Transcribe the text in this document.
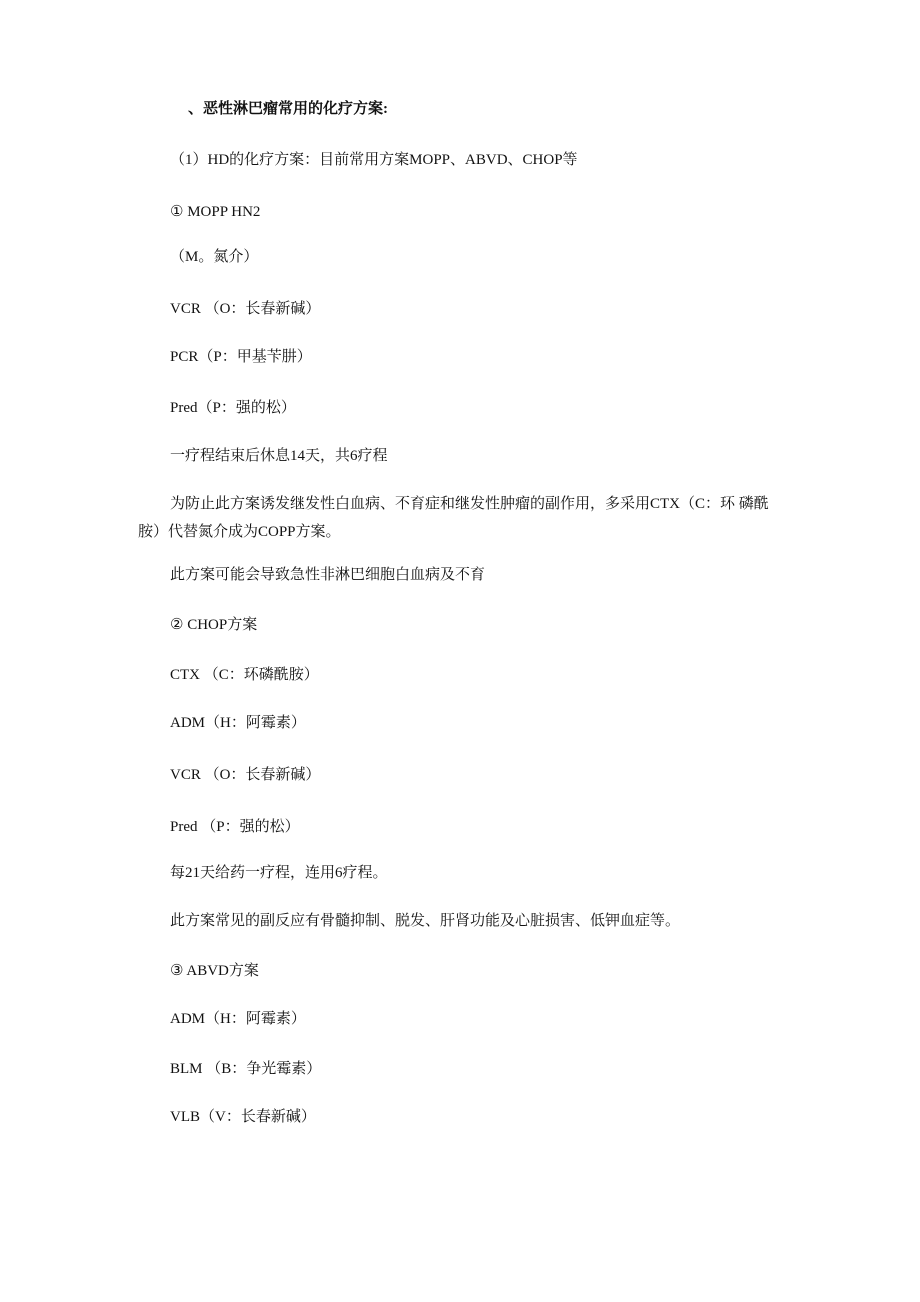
、恶性淋巴瘤常用的化疗方案:
（1）HD的化疗方案：目前常用方案MOPP、ABVD、CHOP等
① MOPP HN2
（M。氮介）
VCR （O：长春新碱）
PCR（P：甲基苄肼）
Pred（P：强的松）
一疗程结束后休息14天，共6疗程
为防止此方案诱发继发性白血病、不育症和继发性肿瘤的副作用，多采用CTX（C：环 磷酰胺）代替氮介成为COPP方案。
此方案可能会导致急性非淋巴细胞白血病及不育
② CHOP方案
CTX （C：环磷酰胺）
ADM（H：阿霉素）
VCR （O：长春新碱）
Pred （P：强的松）
每21天给药一疗程，连用6疗程。
此方案常见的副反应有骨髓抑制、脱发、肝肾功能及心脏损害、低钾血症等。
③ ABVD方案
ADM（H：阿霉素）
BLM （B：争光霉素）
VLB（V：长春新碱）
